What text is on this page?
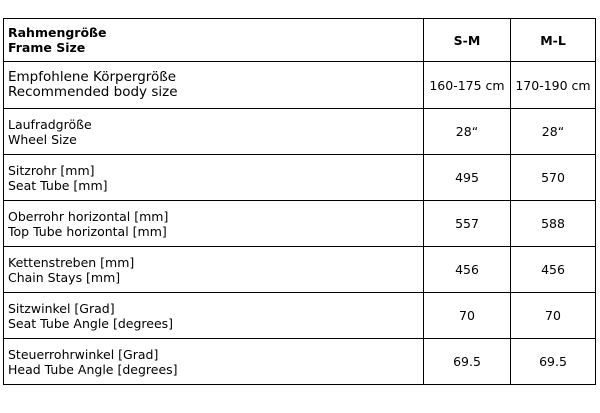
Rahmengröße
Frame Size	S-M	M-L

Empfohlene Körpergröße
Recommended body size	160-175 cm	170-190 cm

Laufradgröße
Wheel Size	28“	28“

Sitzrohr [mm]
Seat Tube [mm]	495	570

Oberrohr horizontal [mm]
Top Tube horizontal [mm]	557	588

Kettenstreben [mm]
Chain Stays [mm]	456	456

Sitzwinkel [Grad]
Seat Tube Angle [degrees]	70	70

Steuerrohrwinkel [Grad]
Head Tube Angle [degrees]	69.5	69.5
